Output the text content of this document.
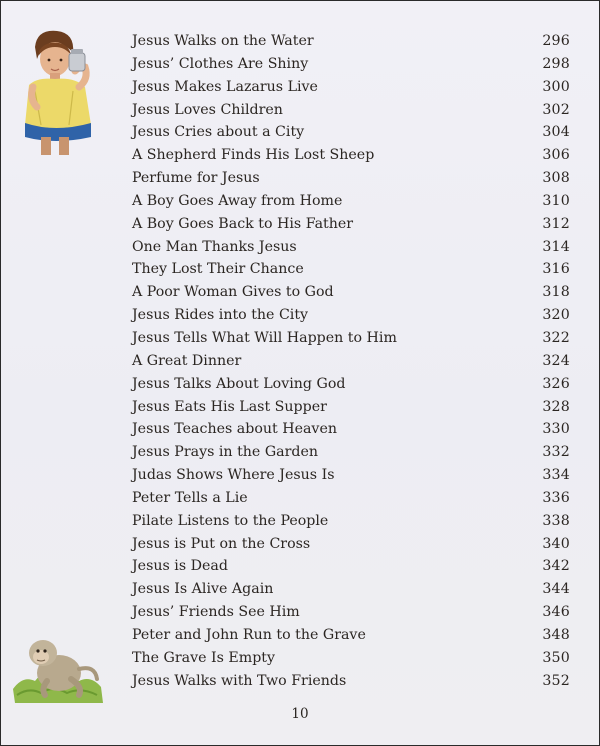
Jesus Walks on the Water	296
Jesus’ Clothes Are Shiny	298
Jesus Makes Lazarus Live	300
Jesus Loves Children	302
Jesus Cries about a City	304
A Shepherd Finds His Lost Sheep	306
Perfume for Jesus	308
A Boy Goes Away from Home	310
A Boy Goes Back to His Father	312
One Man Thanks Jesus	314
They Lost Their Chance	316
A Poor Woman Gives to God	318
Jesus Rides into the City	320
Jesus Tells What Will Happen to Him	322
A Great Dinner	324
Jesus Talks About Loving God	326
Jesus Eats His Last Supper	328
Jesus Teaches about Heaven	330
Jesus Prays in the Garden	332
Judas Shows Where Jesus Is	334
Peter Tells a Lie	336
Pilate Listens to the People	338
Jesus is Put on the Cross	340
Jesus is Dead	342
Jesus Is Alive Again	344
Jesus’ Friends See Him	346
Peter and John Run to the Grave	348
The Grave Is Empty	350
Jesus Walks with Two Friends	352
10
